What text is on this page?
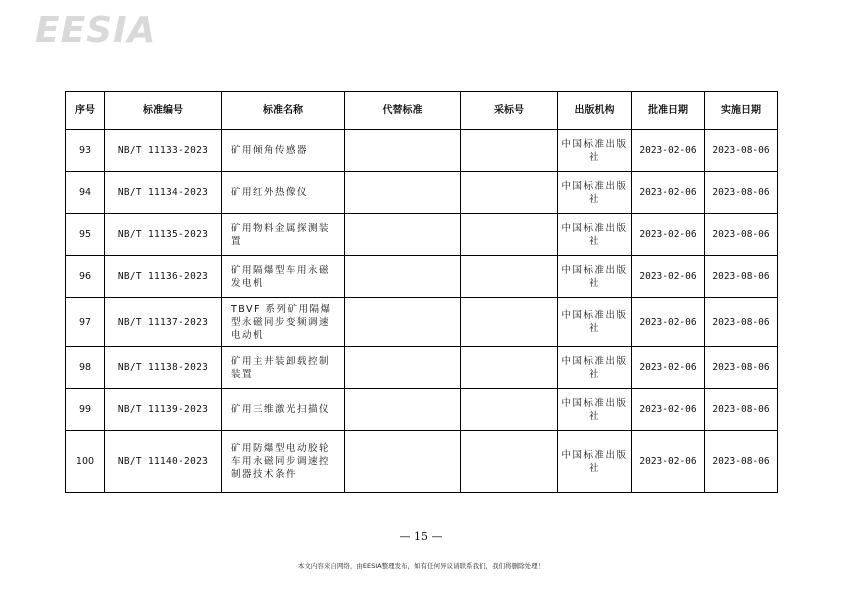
EESIA
序号	标准编号	标准名称	代替标准	采标号	出版机构	批准日期	实施日期
93	NB/T 11133-2023	矿用倾角传感器			中国标准出版社	2023-02-06	2023-08-06
94	NB/T 11134-2023	矿用红外热像仪			中国标准出版社	2023-02-06	2023-08-06
95	NB/T 11135-2023	矿用物料金属探测装置			中国标准出版社	2023-02-06	2023-08-06
96	NB/T 11136-2023	矿用隔爆型车用永磁发电机			中国标准出版社	2023-02-06	2023-08-06
97	NB/T 11137-2023	TBVF 系列矿用隔爆型永磁同步变频调速电动机			中国标准出版社	2023-02-06	2023-08-06
98	NB/T 11138-2023	矿用主井装卸载控制装置			中国标准出版社	2023-02-06	2023-08-06
99	NB/T 11139-2023	矿用三维激光扫描仪			中国标准出版社	2023-02-06	2023-08-06
100	NB/T 11140-2023	矿用防爆型电动胶轮车用永磁同步调速控制器技术条件			中国标准出版社	2023-02-06	2023-08-06
— 15 —
本文内容来自网络，由EESIA整理发布，如有任何异议请联系我们，我们将删除处理！
